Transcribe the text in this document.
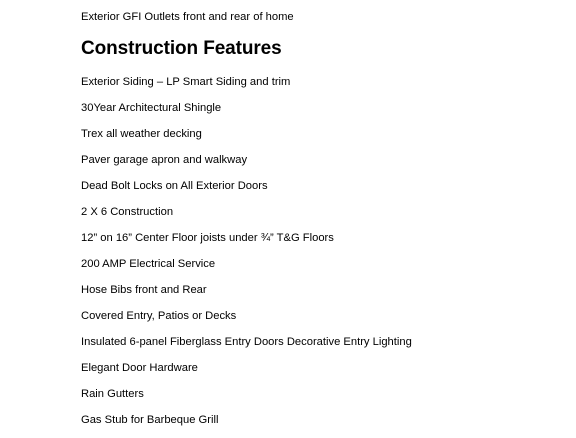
Exterior GFI Outlets front and rear of home
Construction Features
Exterior Siding – LP Smart Siding and trim
30Year Architectural Shingle
Trex all weather decking
Paver garage apron and walkway
Dead Bolt Locks on All Exterior Doors
2 X 6 Construction
12” on 16” Center Floor joists under ¾” T&G Floors
200 AMP Electrical Service
Hose Bibs front and Rear
Covered Entry, Patios or Decks
Insulated 6-panel Fiberglass Entry Doors Decorative Entry Lighting
Elegant Door Hardware
Rain Gutters
Gas Stub for Barbeque Grill
